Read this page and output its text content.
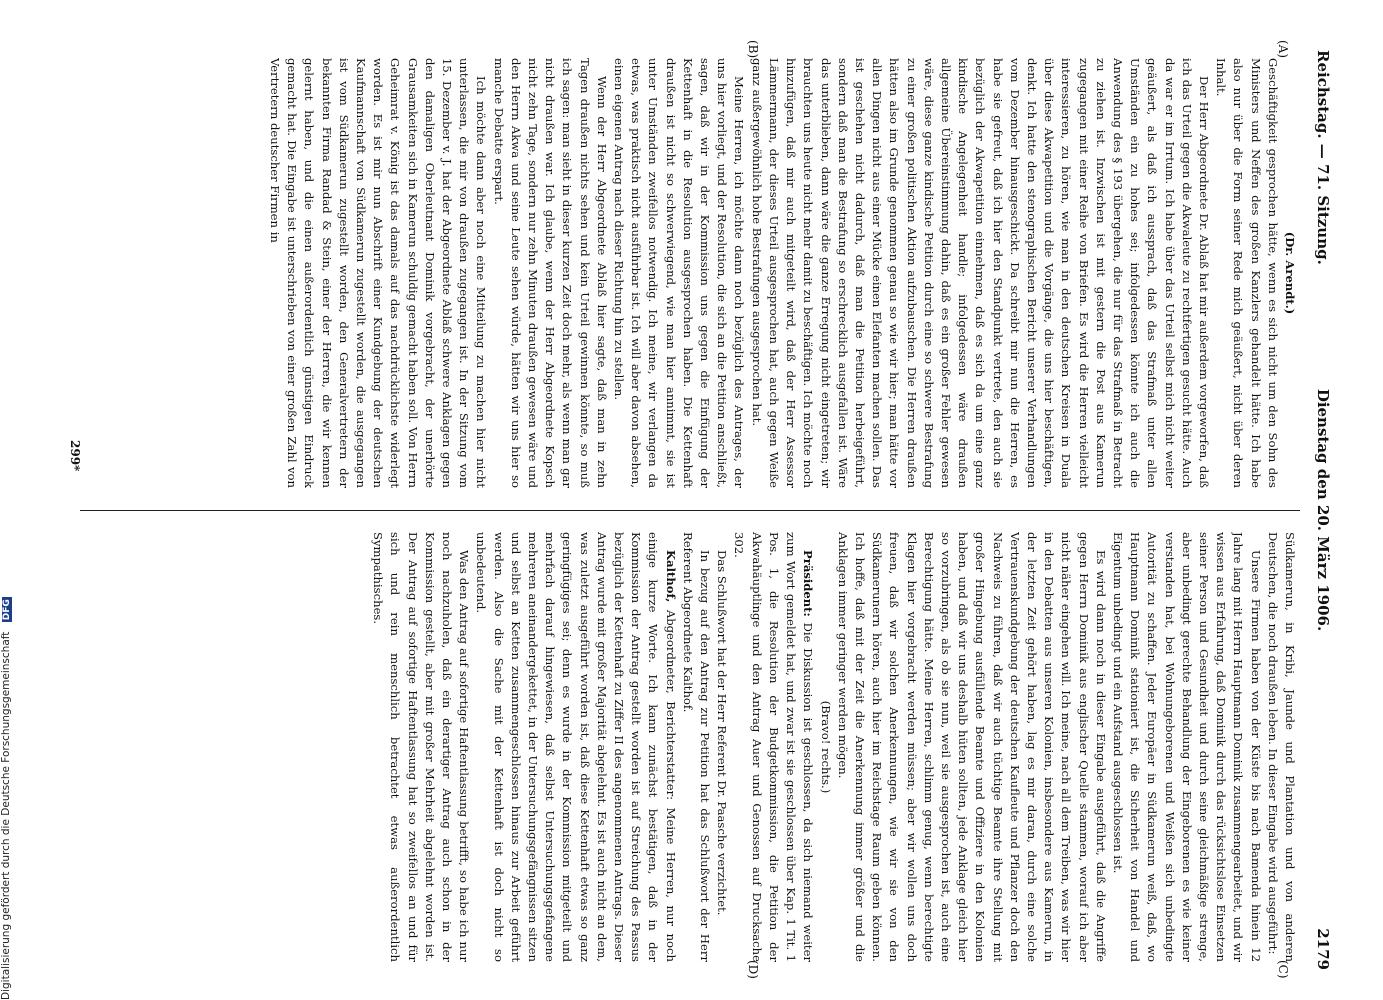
Reichstag. — 71. Sitzung.
Dienstag den 20. März 1906.
2179
(A)
(B)
(C)
(D)

(Dr. Arendt.)

Geschäftigkeit gesprochen hätte, wenn es sich nicht um den Sohn des Ministers und Neffen des großen Kanzlers gehandelt hätte. Ich habe also nur über die Form seiner Rede mich geäußert, nicht über deren Inhalt.

Der Herr Abgeordnete Dr. Ablaß hat mir außerdem vorgeworfen, daß ich das Urteil gegen die Akwaleute zu rechtfertigen gesucht hätte. Auch da war er im Irrtum. Ich habe über das Urteil selbst mich nicht weiter geäußert, als daß ich aussprach, daß das Strafmaß unter allen Umständen ein zu hohes sei; infolgedessen könnte ich auch die Anwendung des § 193 übergehen, die nur für das Strafmaß in Betracht zu ziehen ist. Inzwischen ist mit gestern die Post aus Kamerun zugegangen mit einer Reihe von Briefen. Es wird die Herren vielleicht interessieren, zu hören, wie man in den deutschen Kreisen in Duala über diese Akwapetition und die Vorgänge, die uns hier beschäftigen, denkt. Ich hatte den stenographischen Bericht unserer Verhandlungen vom Dezember hinausgeschickt. Da schreibt mir nun die Herren, es habe sie gefreut, daß ich hier den Standpunkt vertrete, den auch sie bezüglich der Akwapetition einnehmen, daß es sich da um eine ganz kindische Angelegenheit handle; infolgedessen wäre draußen allgemeine Übereinstimmung dahin, daß es ein großer Fehler gewesen wäre, diese ganze kindische Petition durch eine so schwere Bestrafung zu einer großen politischen Aktion aufzubauschen. Die Herren draußen hätten also im Grunde genommen genau so wie wir hier; man hätte vor allen Dingen nicht aus einer Mücke einen Elefanten machen sollen. Das ist geschehen nicht dadurch, daß man die Petition herbeigeführt, sondern daß man die Bestrafung so erschrecklich ausgefallen ist. Wäre das unterblieben, dann wäre die ganze Erregung nicht eingetreten; wir brauchten uns heute nicht mehr damit zu beschäftigen. Ich möchte noch hinzufügen, daß mir auch mitgeteilt wird, daß der Herr Assessor Lämmermann, der dieses Urteil ausgesprochen hat, auch gegen Weiße ganz außergewöhnlich hohe Bestrafungen ausgesprochen hat.

Meine Herren, ich möchte dann noch bezüglich des Antrages, der uns hier vorliegt, und der Resolution, die sich an die Petition anschließt, sagen, daß wir in der Kommission uns gegen die Einfügung der Kettenhaft in die Resolution ausgesprochen haben. Die Kettenhaft draußen ist nicht so schwerwiegend, wie man hier annimmt, sie ist unter Umständen zweifellos notwendig. Ich meine, wir verlangen da etwas, was praktisch nicht ausführbar ist. Ich will aber davon absehen, einen eigenen Antrag nach dieser Richtung hin zu stellen.

Wenn der Herr Abgeordnete Ablaß hier sagte, daß man in zehn Tagen draußen nichts sehen und kein Urteil gewinnen könnte, so muß ich sagen: man sieht in dieser kurzen Zeit doch mehr, als wenn man gar nicht draußen war. Ich glaube, wenn der Herr Abgeordnete Kopsch nicht zehn Tage, sondern nur zehn Minuten draußen gewesen wäre und den Herrn Akwa und seine Leute sehen würde, hätten wir uns hier so manche Debatte erspart.

Ich möchte dann aber noch eine Mitteilung zu machen hier nicht unterlassen, die mir von draußen zugegangen ist. In der Sitzung vom 15. Dezember v. J. hat der Abgeordnete Ablaß schwere Anklagen gegen den damaligen Oberleutnant Dominik vorgebracht, der unerhörte Grausamkeiten sich in Kamerun schuldig gemacht haben soll. Von Herrn Geheimrat v. König ist das damals auf das nachdrücklichste widerlegt worden. Es ist mir nun Abschrift einer Kundgebung der deutschen Kaufmannschaft von Südkamerun zugestellt worden, die ausgegangen ist vom Südkamerun zugestellt worden, den Generalvertretern der bekannten Firma Randad & Stein, einer der Herren, die wir kennen gelernt haben, und die einen außerordentlich günstigen Eindruck gemacht hat. Die Eingabe ist unterschrieben von einer großen Zahl von Vertretern deutscher Firmen in

Südkamerun, in Kribi, Jaunde und Plantation und von anderen Deutschen, die noch draußen leben. In dieser Eingabe wird ausgeführt:

Unsere Firmen haben von der Küste bis nach Bamenda hinein 12 Jahre lang mit Herrn Hauptmann Dominik zusammengearbeitet, und wir wissen aus Erfahrung, daß Dominik durch das rücksichtslose Einsetzen seiner Person und Gesundheit und durch seine gleichmäßige strenge, aber unbedingt gerechte Behandlung der Eingeborenen es wie keiner verstanden hat, bei Wohnungeborenen und Weißen sich unbedingte Autorität zu schaffen. Jeder Europäer in Südkamerun weiß, daß, wo Hauptmann Dominik stationiert ist, die Sicherheit von Handel und Eigentum unbedingt und ein Aufstand ausgeschlossen ist.

Es wird dann noch in dieser Eingabe ausgeführt, daß die Angriffe gegen Herrn Dominik aus englischer Quelle stammen, worauf ich aber nicht näher eingehen will. Ich meine, nach all dem Treiben, was wir hier in den Debatten aus unseren Kolonien, insbesondere aus Kamerun, in der letzten Zeit gehört haben, lag es mir daran, durch eine solche Vertrauenskundgebung der deutschen Kaufleute und Pflanzer doch den Nachweis zu führen, daß wir auch tüchtige Beamte ihre Stellung mit großer Hingebung ausfüllende Beamte und Offiziere in den Kolonien haben, und daß wir uns deshalb hüten sollten, jede Anklage gleich hier so vorzubringen, als ob sie nun, weil sie ausgesprochen ist, auch eine Berechtigung hätte. Meine Herren, schlimm genug, wenn berechtigte Klagen hier vorgebracht werden müssen; aber wir wollen uns doch freuen, daß wir solchen Anerkennungen, wie wir sie von den Südkamerunern hören, auch hier im Reichstage Raum geben können. Ich hoffe, daß mit der Zeit die Anerkennung immer größer und die Anklagen immer geringer werden mögen.

(Bravo! rechts.)

Präsident: Die Diskussion ist geschlossen, da sich niemand weiter zum Wort gemeldet hat, und zwar ist sie geschlossen über Kap. 1 Tit. 1 Pos. 1, die Resolution der Budgetkommission, die Petition der Akwahäuptlinge und den Antrag Auer und Genossen auf Drucksache 302.

Das Schlußwort hat der Herr Referent Dr. Paasche verzichtet.

In bezug auf den Antrag zur Petition hat das Schlußwort der Herr Referent Abgeordnete Kalthof.

Kalthof, Abgeordneter, Berichterstatter: Meine Herren, nur noch einige kurze Worte. Ich kann zunächst bestätigen, daß in der Kommission der Antrag gestellt worden ist auf Streichung des Passus bezüglich der Kettenhaft zu Ziffer II des angenommenen Antrags. Dieser Antrag wurde mit großer Majorität abgelehnt. Es ist auch nicht an dem, was zuletzt ausgeführt worden ist, daß diese Kettenhaft etwas so ganz geringfügiges sei; denn es wurde in der Kommission mitgeteilt und mehrfach darauf hingewiesen, daß selbst Untersuchungsgefangene mehreren aneinandergekettet, in der Untersuchungsgefängnissen sitzen und selbst an Ketten zusammengeschlossen hinaus zur Arbeit geführt werden. Also die Sache mit der Kettenhaft ist doch nicht so unbedeutend.

Was den Antrag auf sofortige Haftentlassung betrifft, so habe ich nur noch nachzuholen, daß ein derartiger Antrag auch schon in der Kommission gestellt, aber mit großer Mehrheit abgelehnt worden ist. Der Antrag auf sofortige Haftentlassung hat so zweifellos an und für sich und rein menschlich betrachtet etwas außerordentlich Sympathisches.

299*
Digitalisierung gefördert durch die Deutsche Forschungsgemeinschaft DFG
